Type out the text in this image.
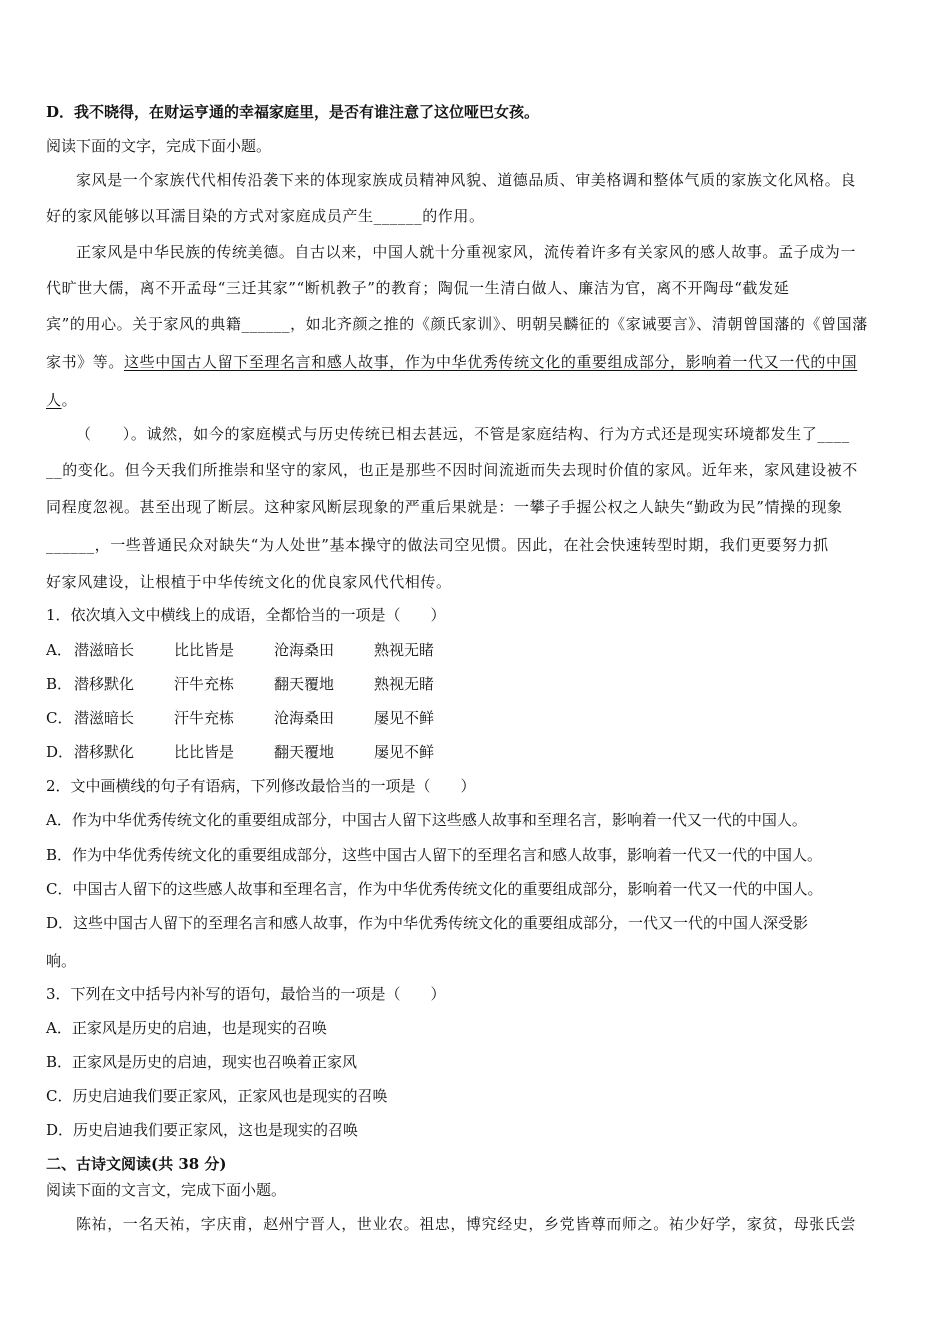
D．我不晓得，在财运亨通的幸福家庭里，是否有谁注意了这位哑巴女孩。
阅读下面的文字，完成下面小题。
家风是一个家族代代相传沿袭下来的体现家族成员精神风貌、道德品质、审美格调和整体气质的家族文化风格。良
好的家风能够以耳濡目染的方式对家庭成员产生______的作用。
正家风是中华民族的传统美德。自古以来，中国人就十分重视家风，流传着许多有关家风的感人故事。孟子成为一
代旷世大儒，离不开孟母“三迁其家”“断机教子”的教育；陶侃一生清白做人、廉洁为官，离不开陶母“截发延
宾”的用心。关于家风的典籍______，如北齐颜之推的《颜氏家训》、明朝吴麟征的《家诫要言》、清朝曾国藩的《曾国藩
家书》等。这些中国古人留下至理名言和感人故事，作为中华优秀传统文化的重要组成部分，影响着一代又一代的中国
人。
（　　）。诚然，如今的家庭模式与历史传统已相去甚远，不管是家庭结构、行为方式还是现实环境都发生了____
__的变化。但今天我们所推崇和坚守的家风，也正是那些不因时间流逝而失去现时价值的家风。近年来，家风建设被不
同程度忽视。甚至出现了断层。这种家风断层现象的严重后果就是：一攀子手握公权之人缺失“勤政为民”情操的现象
______，一些普通民众对缺失“为人处世”基本操守的做法司空见惯。因此，在社会快速转型时期，我们更要努力抓
好家风建设，让根植于中华传统文化的优良家风代代相传。
1．依次填入文中横线上的成语，全都恰当的一项是（　　）
A． 潜滋暗长	比比皆是	沧海桑田	熟视无睹
B． 潜移默化	汗牛充栋	翻天覆地	熟视无睹
C． 潜滋暗长	汗牛充栋	沧海桑田	屡见不鲜
D．潜移默化	比比皆是	翻天覆地	屡见不鲜
2．文中画横线的句子有语病，下列修改最恰当的一项是（　　）
A．作为中华优秀传统文化的重要组成部分，中国古人留下这些感人故事和至理名言，影响着一代又一代的中国人。
B．作为中华优秀传统文化的重要组成部分，这些中国古人留下的至理名言和感人故事，影响着一代又一代的中国人。
C．中国古人留下的这些感人故事和至理名言，作为中华优秀传统文化的重要组成部分，影响着一代又一代的中国人。
D．这些中国古人留下的至理名言和感人故事，作为中华优秀传统文化的重要组成部分，一代又一代的中国人深受影
响。
3．下列在文中括号内补写的语句，最恰当的一项是（　　）
A．正家风是历史的启迪，也是现实的召唤
B．正家风是历史的启迪，现实也召唤着正家风
C．历史启迪我们要正家风，正家风也是现实的召唤
D．历史启迪我们要正家风，这也是现实的召唤
二、古诗文阅读(共 38 分)
阅读下面的文言文，完成下面小题。
陈祐，一名天祐，字庆甫，赵州宁晋人，世业农。祖忠，博究经史，乡党皆尊而师之。祐少好学，家贫，母张氏尝
